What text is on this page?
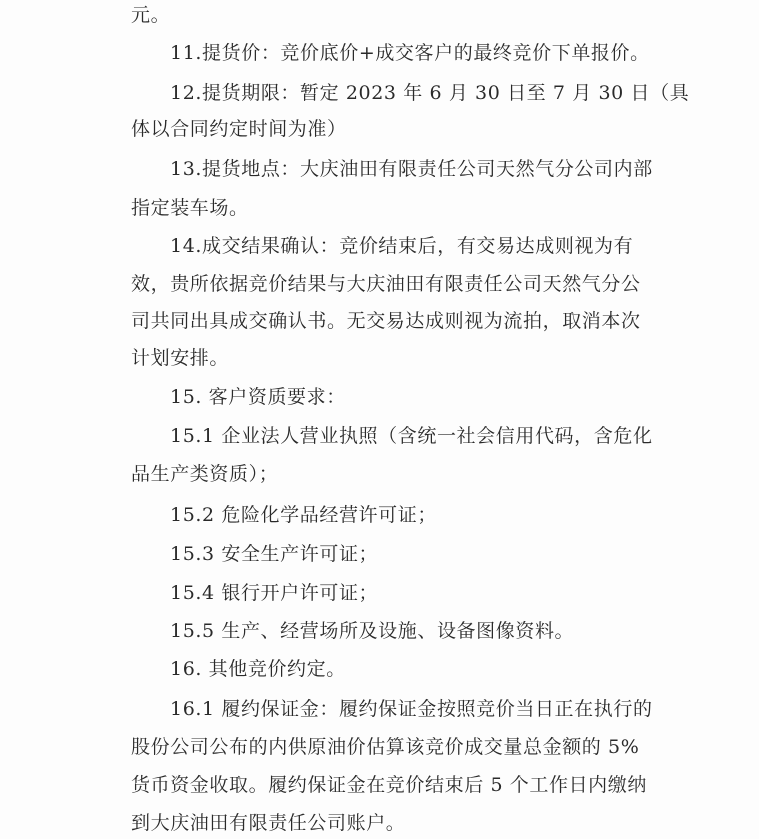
元。
11.提货价：竞价底价+成交客户的最终竞价下单报价。
12.提货期限：暂定 2023 年 6 月 30 日至 7 月 30 日（具
体以合同约定时间为准）
13.提货地点：大庆油田有限责任公司天然气分公司内部
指定装车场。
14.成交结果确认：竞价结束后，有交易达成则视为有
效，贵所依据竞价结果与大庆油田有限责任公司天然气分公
司共同出具成交确认书。无交易达成则视为流拍，取消本次
计划安排。
15. 客户资质要求：
15.1 企业法人营业执照（含统一社会信用代码，含危化
品生产类资质）；
15.2 危险化学品经营许可证；
15.3 安全生产许可证；
15.4 银行开户许可证；
15.5 生产、经营场所及设施、设备图像资料。
16. 其他竞价约定。
16.1 履约保证金：履约保证金按照竞价当日正在执行的
股份公司公布的内供原油价估算该竞价成交量总金额的 5%
货币资金收取。履约保证金在竞价结束后 5 个工作日内缴纳
到大庆油田有限责任公司账户。
